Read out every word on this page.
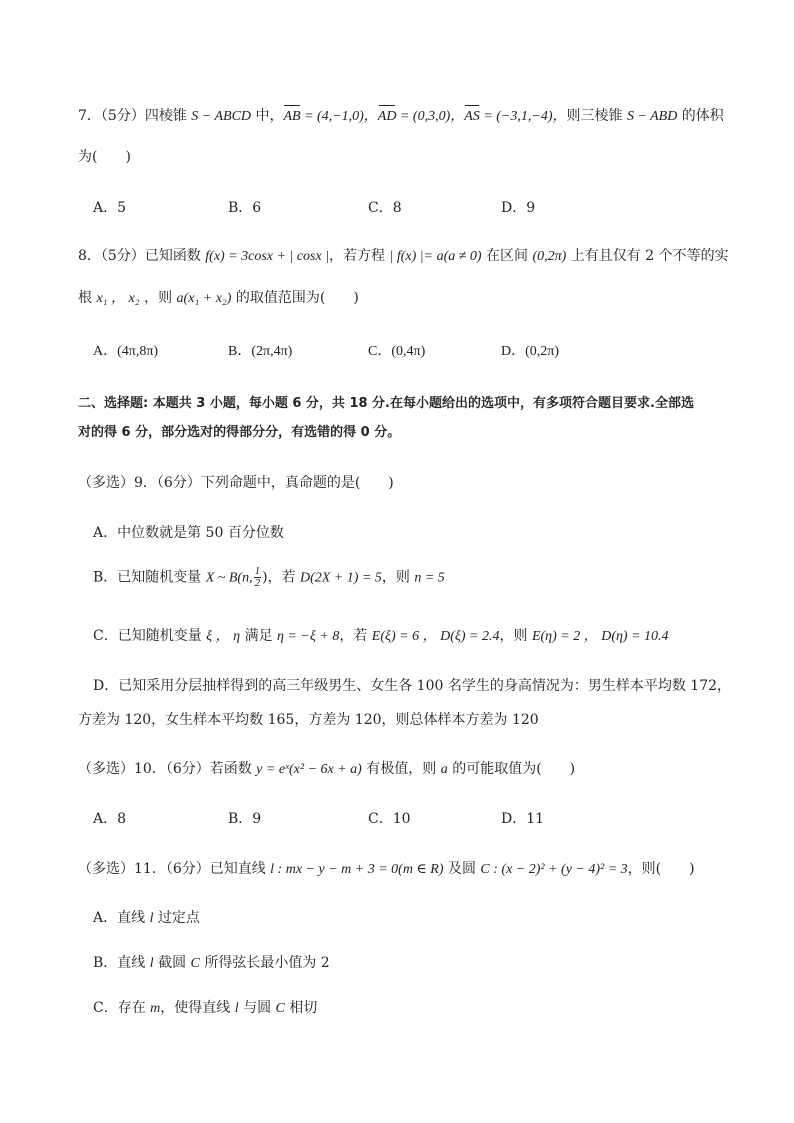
7．（5分）四棱锥 S − ABCD 中，AB = (4,−1,0)，AD = (0,3,0)，AS = (−3,1,−4)，则三棱锥 S − ABD 的体积
为(　　)
A．5	B．6	C．8	D．9
8．（5分）已知函数 f(x) = 3cosx + | cosx |，若方程 | f(x) |= a(a ≠ 0) 在区间 (0,2π) 上有且仅有 2 个不等的实
根 x₁ ， x₂ ，则 a(x₁ + x₂) 的取值范围为(　　)
A．(4π,8π)	B．(2π,4π)	C．(0,4π)	D．(0,2π)
二、选择题: 本题共 3 小题，每小题 6 分，共 18 分.在每小题给出的选项中，有多项符合题目要求.全部选
对的得 6 分，部分选对的得部分分，有选错的得 0 分。
（多选）9．（6分）下列命题中，真命题的是(　　)
A．中位数就是第 50 百分位数
B．已知随机变量 X ~ B(n, $\frac{1}{2}$ )，若 D(2X + 1) = 5，则 n = 5
C．已知随机变量 ξ ， η 满足 η = −ξ + 8，若 E(ξ) = 6 ， D(ξ) = 2.4，则 E(η) = 2 ， D(η) = 10.4
D．已知采用分层抽样得到的高三年级男生、女生各 100 名学生的身高情况为：男生样本平均数 172，
方差为 120，女生样本平均数 165，方差为 120，则总体样本方差为 120
（多选）10．（6分）若函数 y = eˣ(x² − 6x + a) 有极值，则 a 的可能取值为(　　)
A．8	B．9	C．10	D．11
（多选）11．（6分）已知直线 l : mx − y − m + 3 = 0(m ∈ R) 及圆 C : (x − 2)² + (y − 4)² = 3，则(　　)
A．直线 l 过定点
B．直线 l 截圆 C 所得弦长最小值为 2
C．存在 m，使得直线 l 与圆 C 相切
